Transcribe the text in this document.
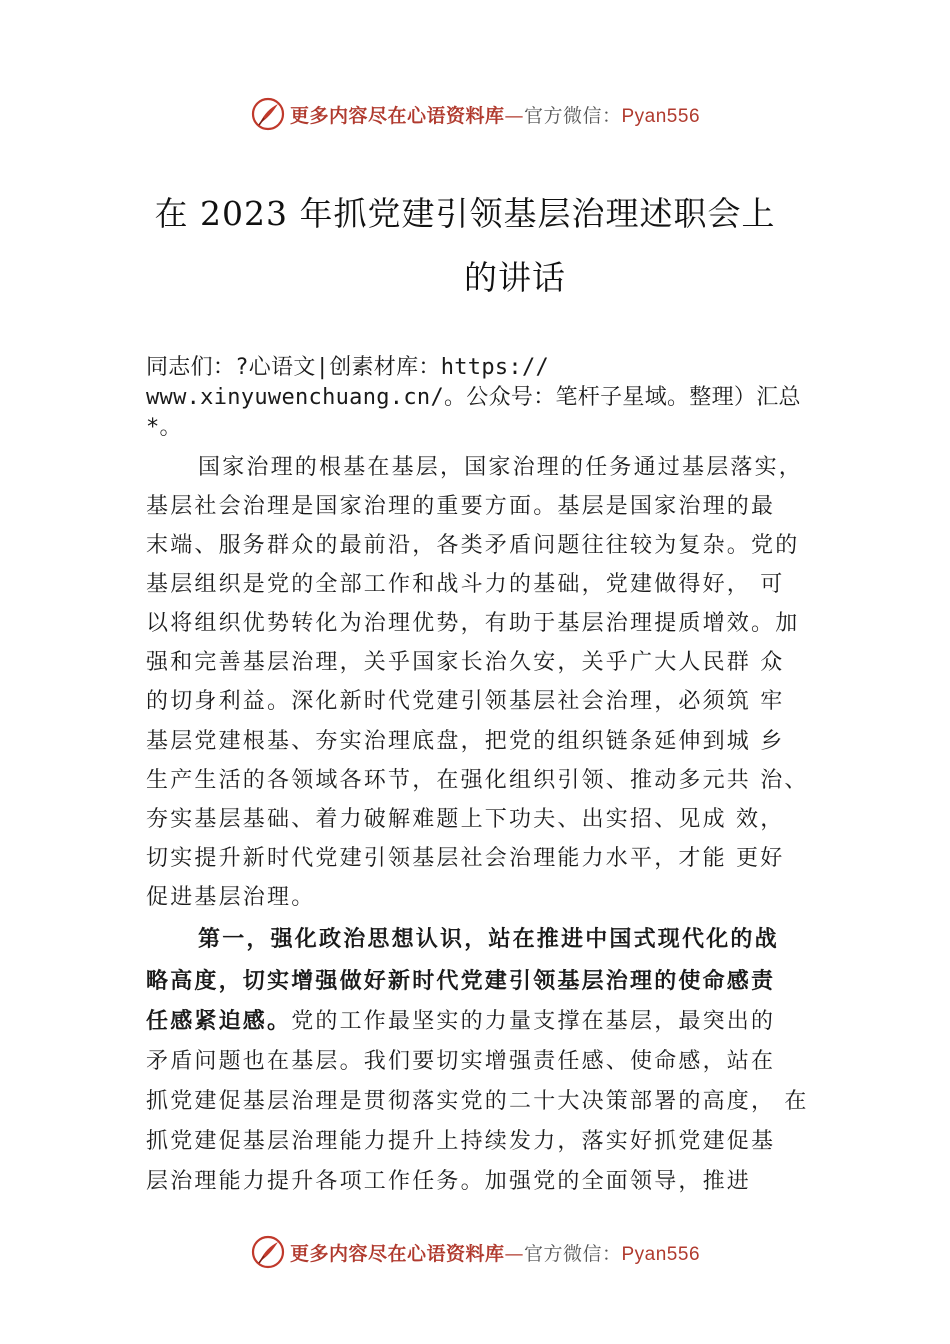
更多内容尽在心语资料库—官方微信：Pyan556
在 2023 年抓党建引领基层治理述职会上
的讲话
同志们：?心语文|创素材库：https://
www.xinyuwenchuang.cn/。公众号：笔杆子星域。整理）汇总
*。
国家治理的根基在基层，国家治理的任务通过基层落实，
基层社会治理是国家治理的重要方面。基层是国家治理的最
末端、服务群众的最前沿，各类矛盾问题往往较为复杂。党的
基层组织是党的全部工作和战斗力的基础，党建做得好， 可
以将组织优势转化为治理优势，有助于基层治理提质增效。加
强和完善基层治理，关乎国家长治久安，关乎广大人民群 众
的切身利益。深化新时代党建引领基层社会治理，必须筑 牢
基层党建根基、夯实治理底盘，把党的组织链条延伸到城 乡
生产生活的各领域各环节，在强化组织引领、推动多元共 治、
夯实基层基础、着力破解难题上下功夫、出实招、见成 效，
切实提升新时代党建引领基层社会治理能力水平，才能 更好
促进基层治理。
第一，强化政治思想认识，站在推进中国式现代化的战
略高度，切实增强做好新时代党建引领基层治理的使命感责
任感紧迫感。党的工作最坚实的力量支撑在基层，最突出的
矛盾问题也在基层。我们要切实增强责任感、使命感，站在
抓党建促基层治理是贯彻落实党的二十大决策部署的高度， 在
抓党建促基层治理能力提升上持续发力，落实好抓党建促基
层治理能力提升各项工作任务。加强党的全面领导，推进
更多内容尽在心语资料库—官方微信：Pyan556
